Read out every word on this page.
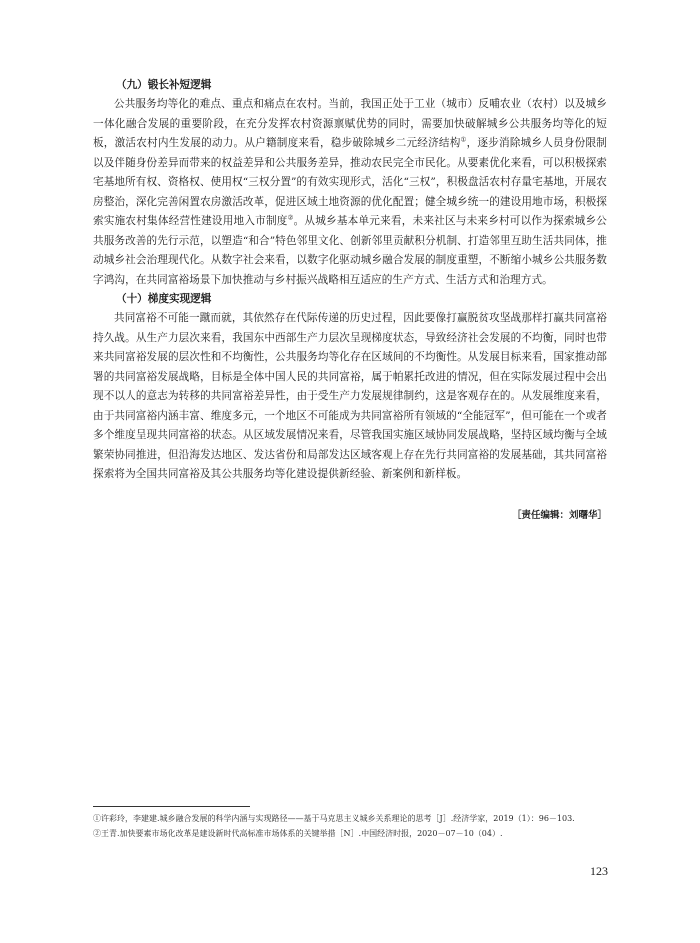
（九）锻长补短逻辑

公共服务均等化的难点、重点和痛点在农村。当前，我国正处于工业（城市）反哺农业（农村）以及城乡一体化融合发展的重要阶段，在充分发挥农村资源禀赋优势的同时，需要加快破解城乡公共服务均等化的短板，激活农村内生发展的动力。从户籍制度来看，稳步破除城乡二元经济结构①，逐步消除城乡人员身份限制以及伴随身份差异而带来的权益差异和公共服务差异，推动农民完全市民化。从要素优化来看，可以积极探索宅基地所有权、资格权、使用权“三权分置”的有效实现形式，活化“三权”，积极盘活农村存量宅基地，开展农房整治，深化完善闲置农房激活改革，促进区域土地资源的优化配置；健全城乡统一的建设用地市场，积极探索实施农村集体经营性建设用地入市制度②。从城乡基本单元来看，未来社区与未来乡村可以作为探索城乡公共服务改善的先行示范，以塑造“和合”特色邻里文化、创新邻里贡献积分机制、打造邻里互助生活共同体，推动城乡社会治理现代化。从数字社会来看，以数字化驱动城乡融合发展的制度重塑，不断缩小城乡公共服务数字鸿沟，在共同富裕场景下加快推动与乡村振兴战略相互适应的生产方式、生活方式和治理方式。

（十）梯度实现逻辑

共同富裕不可能一蹴而就，其依然存在代际传递的历史过程，因此要像打赢脱贫攻坚战那样打赢共同富裕持久战。从生产力层次来看，我国东中西部生产力层次呈现梯度状态，导致经济社会发展的不均衡，同时也带来共同富裕发展的层次性和不均衡性，公共服务均等化存在区域间的不均衡性。从发展目标来看，国家推动部署的共同富裕发展战略，目标是全体中国人民的共同富裕，属于帕累托改进的情况，但在实际发展过程中会出现不以人的意志为转移的共同富裕差异性，由于受生产力发展规律制约，这是客观存在的。从发展维度来看，由于共同富裕内涵丰富、维度多元，一个地区不可能成为共同富裕所有领域的“全能冠军”，但可能在一个或者多个维度呈现共同富裕的状态。从区域发展情况来看，尽管我国实施区域协同发展战略，坚持区域均衡与全域繁荣协同推进，但沿海发达地区、发达省份和局部发达区域客观上存在先行共同富裕的发展基础，其共同富裕探索将为全国共同富裕及其公共服务均等化建设提供新经验、新案例和新样板。

［责任编辑：刘曙华］

①许彩玲，李建建.城乡融合发展的科学内涵与实现路径——基于马克思主义城乡关系理论的思考［J］.经济学家，2019（1）：96－103.

②王青.加快要素市场化改革是建设新时代高标准市场体系的关键举措［N］.中国经济时报，2020－07－10（04）.

123
